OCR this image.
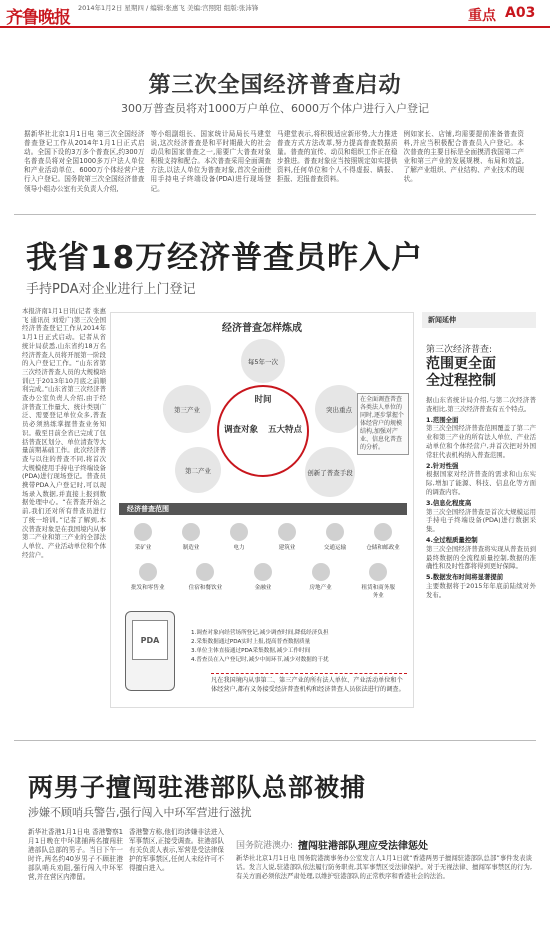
齐鲁晚报 2014年1月2日 星期四 / 编辑:张惠飞 美编:宫照阳 组版:张沛锋	重点 A03
第三次全国经济普查启动
300万普查员将对1000万户单位、6000万个体户进行入户登记
据新华社北京1月1日电 第三次全国经济普查登记工作从2014年1月1日正式启动。全国下设的3万多个普查区,约300万名普查员将对全国1000多万户法人单位和产业活动单位、6000万个体经营户进行入户登记。国务院第三次全国经济普查领导小组办公室有关负责人介绍,
等小组副组长、国家统计局局长马建堂说,这次经济普查是和平时期最大的社会动员和国家普查之一,需要广大普查对象积极支持和配合。本次普查采用全面调查方法,以法人单位为普查对象,首次全面使用手持电子终端设备(PDA)进行现场登记。
马建堂表示,将积极适应新形势,大力推进普查方式方法改革,努力提高普查数据质量。普查的宣传、动员和组织工作正在稳步推进。普查对象应当按照规定如实提供资料,任何单位和个人不得虚报、瞒报、拒报、迟报普查资料。
例如家长、店铺,均需要提前准备普查资料,并应当积极配合普查员入户登记。本次普查的主要目标是全面摸清我国第二产业和第三产业的发展规模、布局和效益,了解产业组织、产业结构、产业技术的现状。
我省18万经济普查员昨入户
手持PDA对企业进行上门登记
本报济南1月1日讯(记者 张惠飞 通讯员 刘爱广)第三次全国经济普查登记工作从2014年1月1日正式启动。记者从省统计局获悉,山东省约18万名经济普查人员将开展第一阶段的入户登记工作。“山东省第三次经济普查人员的大规模培训已于2013年10月底之前顺利完成。”山东省第三次经济普查办公室负责人介绍,由于经济普查工作量大、统计类别广泛、需要登记单位众多,普查员必须熟练掌握普查业务知识。截至目前全省已完成了包括普查区划分、单位清查等大量前期基础工作。此次经济普查与以往的普查不同,将首次大规模使用手持电子终端设备(PDA)进行现场登记。普查员携带PDA入户登记时,可以现场录入数据,并直接上报到数据处理中心。“在普查开始之前,我们还对所有普查员进行了统一培训。”记者了解到,本次普查对象是在我国境内从事第二产业和第三产业的全部法人单位、产业活动单位和个体经营户。
经济普查怎样炼成
每5年一次
第三产业	突出重点
第二产业	创新了普查手段
时间
调查对象 五大特点
在全面调查普查各类法人单位的同时,逐步掌握个体经营户的规模结构,加强对产业、信息化普查的分析。
经济普查范围
采矿业	制造业	电力	建筑业	交通运输	仓储和邮政业
批发和零售业	住宿和餐饮业	金融业	房地产业	租赁和商务服务业
PDA
1.调查对象向经营场所登记,减少调查时间,降低经济负担
2.采集数据通过PDA实时上报,提高普查数据质量
3.单位主体直接通过PDA采集数据,减少工作时间
4.普查员在入户登记时,减少中间环节,减少对数据的干扰
凡在我国境内从事第二、第三产业的所有法人单位、产业活动单位和个体经营户,都有义务接受经济普查机构和经济普查人员依法进行的调查。
新闻延伸
第三次经济普查:
范围更全面
全过程控制
据山东省统计局介绍,与第二次经济普查相比,第三次经济普查有五个特点。
1.范围全面
第三次全国经济普查范围覆盖了第二产业和第三产业的所有法人单位、产业活动单位和个体经营户,并首次把对外国常驻代表机构纳入普查范围。
2.针对性强
根据国家对经济普查的需求和山东实际,增加了能源、科技、信息化等方面的调查内容。
3.信息化程度高
第三次全国经济普查是首次大规模运用手持电子终端设备(PDA)进行数据采集。
4.全过程质量控制
第三次全国经济普查将实现从普查员到最终数据的全流程质量控制,数据的准确性和及时性都将得到更好保障。
5.数据发布时间将显著提前
主要数据将于2015年年底前陆续对外发布。
两男子擅闯驻港部队总部被捕
涉嫌不顾哨兵警告,强行闯入中环军营进行滋扰
新华社香港1月1日电 香港警察1月1日晚在中环逮捕两名擅闯驻港部队总部的男子。当日下午一时许,两名约40岁男子不顾驻港部队哨兵劝阻,强行闯入中环军营,并在营区内滞留。
香港警方称,他们均涉嫌非法进入军事禁区,正接受调查。驻港部队有关负责人表示,军营是受法律保护的军事禁区,任何人未经许可不得擅自进入。
国务院港澳办: 擅闯驻港部队理应受法律惩处
新华社北京1月1日电 国务院港澳事务办公室发言人1月1日就“香港两男子擅闯驻港部队总部”事件发表谈话。发言人说,驻港部队依法履行防务职责,其军事禁区受法律保护。对于无视法律、擅闯军事禁区的行为,有关方面必须依法严肃处理,以维护驻港部队的正常秩序和香港社会的法治。
